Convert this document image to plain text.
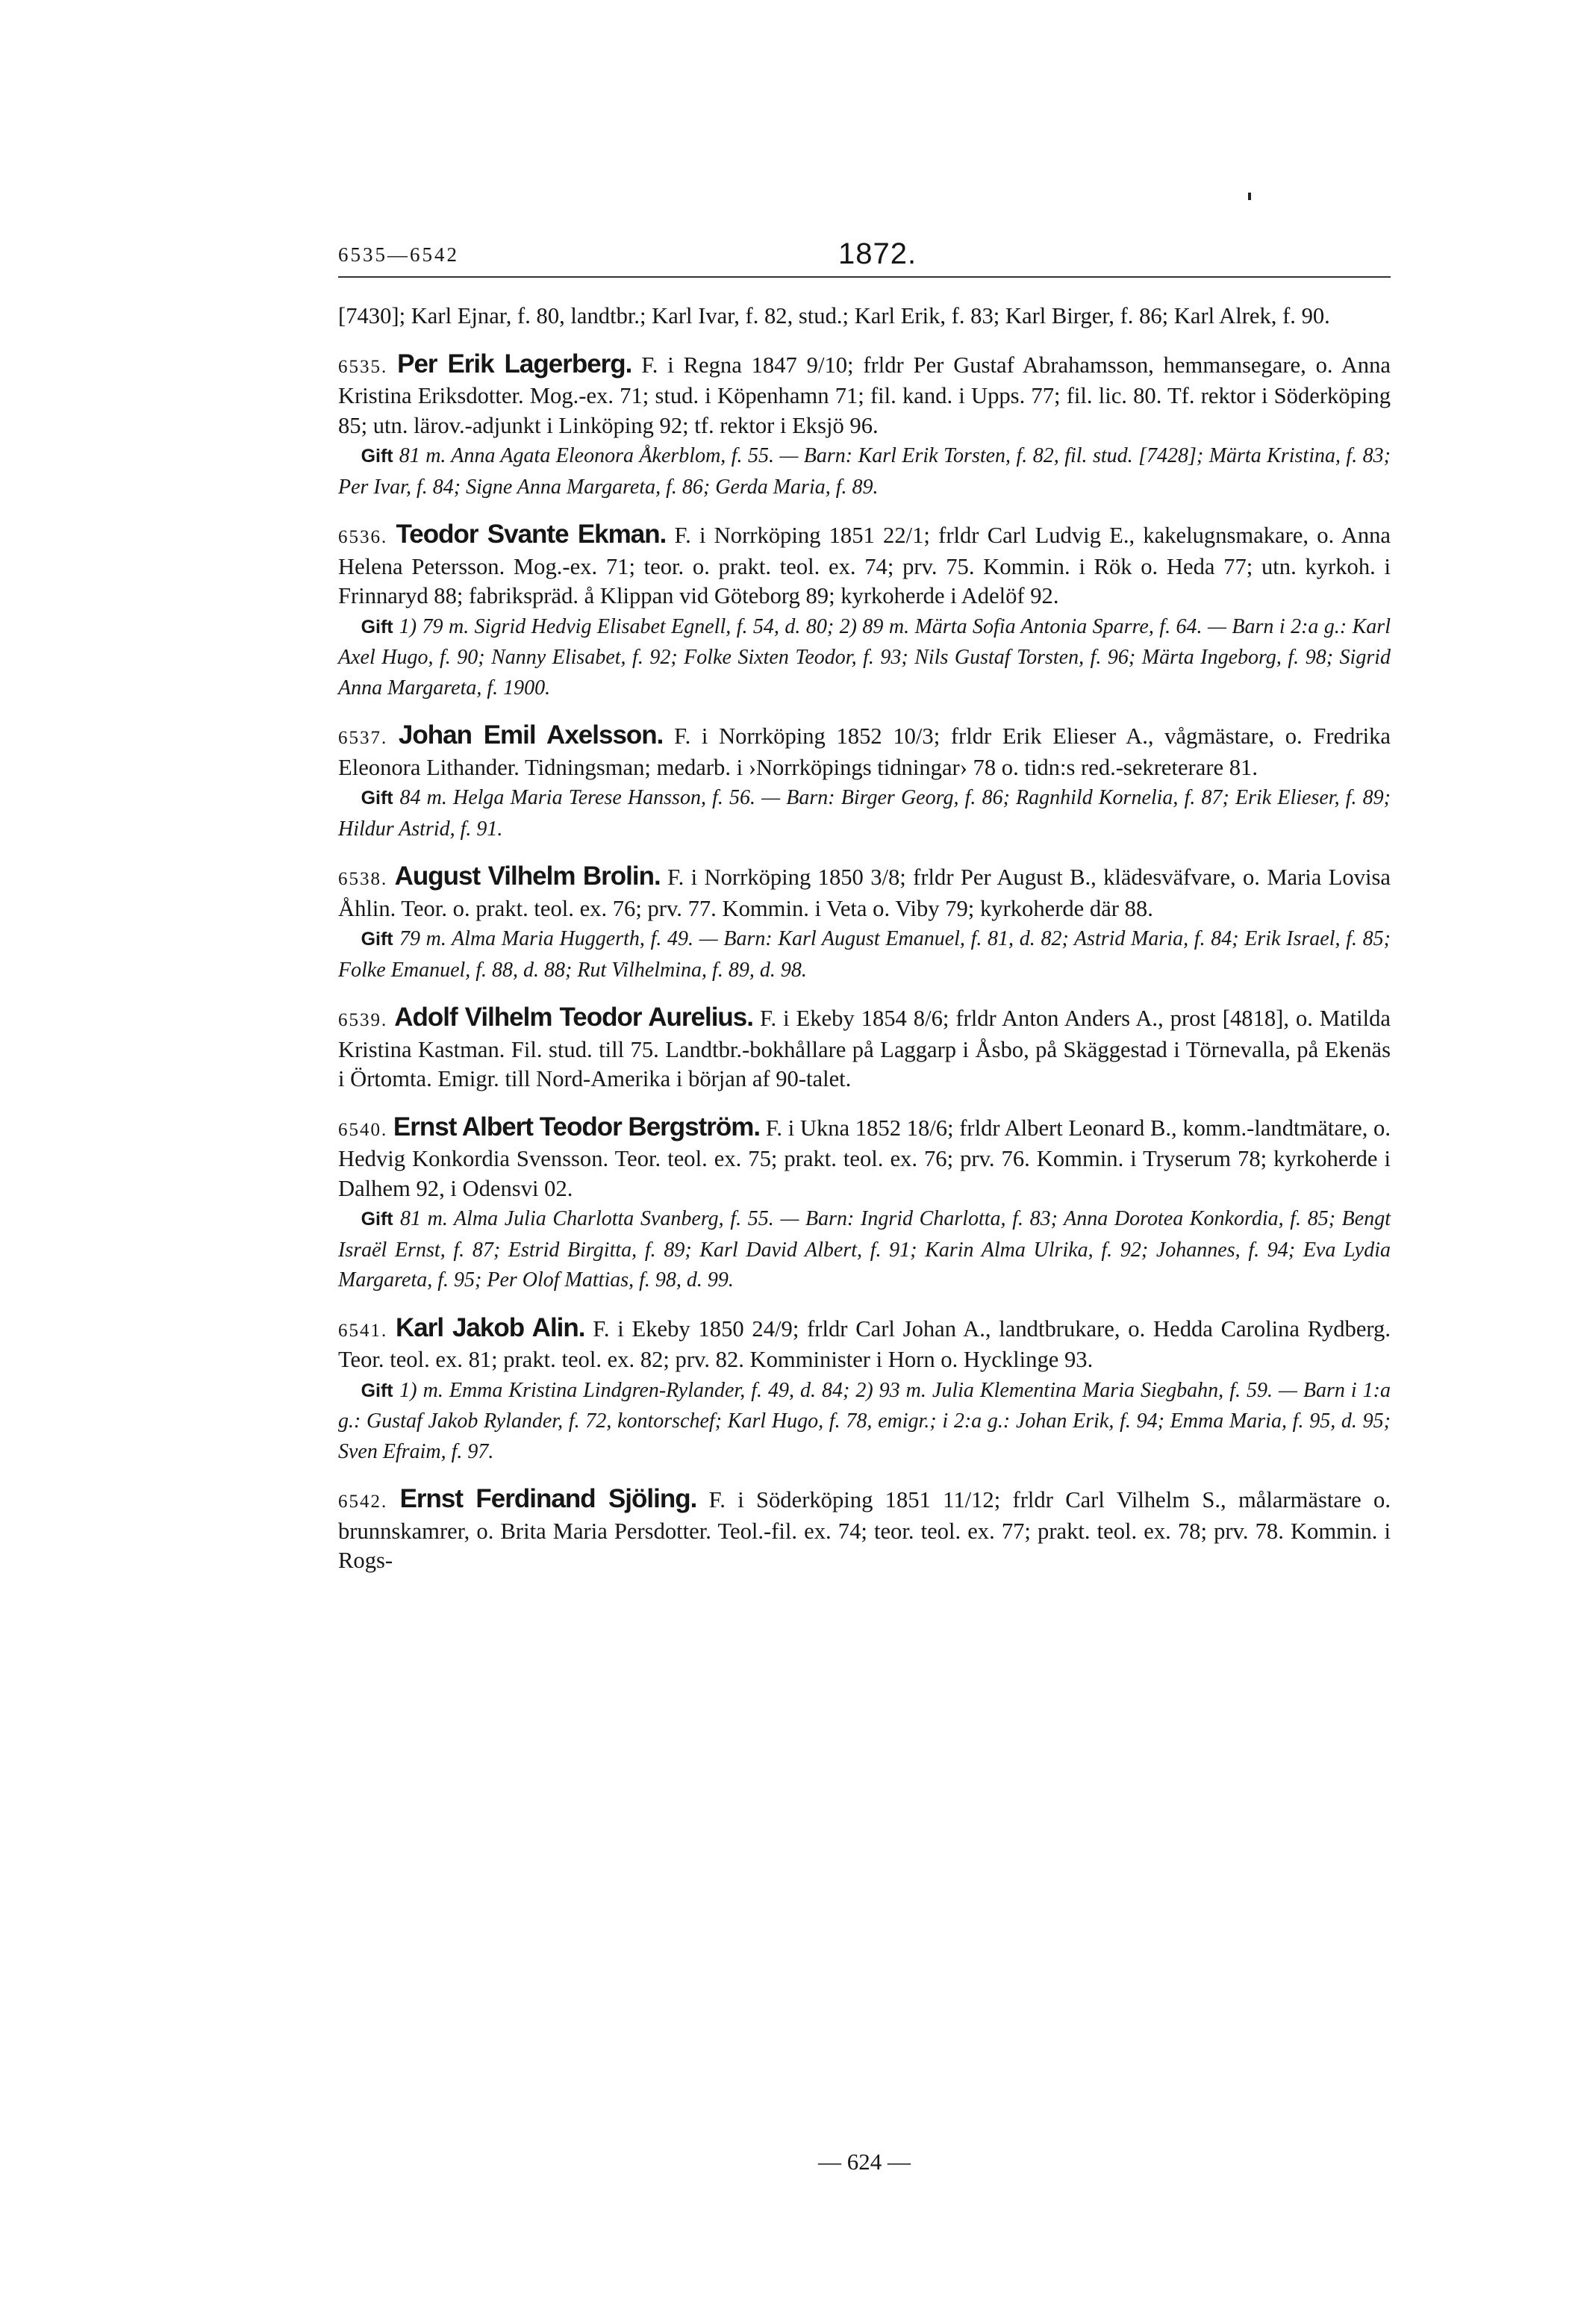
6535—6542	1872.

[7430]; Karl Ejnar, f. 80, landtbr.; Karl Ivar, f. 82, stud.; Karl Erik, f. 83; Karl Birger, f. 86; Karl Alrek, f. 90.

6535. Per Erik Lagerberg. F. i Regna 1847 9/10; frldr Per Gustaf Abrahamsson, hemmansegare, o. Anna Kristina Eriksdotter. Mog.-ex. 71; stud. i Köpenhamn 71; fil. kand. i Upps. 77; fil. lic. 80. Tf. rektor i Söderköping 85; utn. lärov.-adjunkt i Linköping 92; tf. rektor i Eksjö 96.

 Gift 81 m. Anna Agata Eleonora Åkerblom, f. 55. — Barn: Karl Erik Torsten, f. 82, fil. stud. [7428]; Märta Kristina, f. 83; Per Ivar, f. 84; Signe Anna Margareta, f. 86; Gerda Maria, f. 89.

6536. Teodor Svante Ekman. F. i Norrköping 1851 22/1; frldr Carl Ludvig E., kakelugnsmakare, o. Anna Helena Petersson. Mog.-ex. 71; teor. o. prakt. teol. ex. 74; prv. 75. Kommin. i Rök o. Heda 77; utn. kyrkoh. i Frinnaryd 88; fabrikspräd. å Klippan vid Göteborg 89; kyrkoherde i Adelöf 92.

 Gift 1) 79 m. Sigrid Hedvig Elisabet Egnell, f. 54, d. 80; 2) 89 m. Märta Sofia Antonia Sparre, f. 64. — Barn i 2:a g.: Karl Axel Hugo, f. 90; Nanny Elisabet, f. 92; Folke Sixten Teodor, f. 93; Nils Gustaf Torsten, f. 96; Märta Ingeborg, f. 98; Sigrid Anna Margareta, f. 1900.

6537. Johan Emil Axelsson. F. i Norrköping 1852 10/3; frldr Erik Elieser A., vågmästare, o. Fredrika Eleonora Lithander. Tidningsman; medarb. i ›Norrköpings tidningar› 78 o. tidn:s red.-sekreterare 81.

 Gift 84 m. Helga Maria Terese Hansson, f. 56. — Barn: Birger Georg, f. 86; Ragnhild Kornelia, f. 87; Erik Elieser, f. 89; Hildur Astrid, f. 91.

6538. August Vilhelm Brolin. F. i Norrköping 1850 3/8; frldr Per August B., klädesväfvare, o. Maria Lovisa Åhlin. Teor. o. prakt. teol. ex. 76; prv. 77. Kommin. i Veta o. Viby 79; kyrkoherde där 88.

 Gift 79 m. Alma Maria Huggerth, f. 49. — Barn: Karl August Emanuel, f. 81, d. 82; Astrid Maria, f. 84; Erik Israel, f. 85; Folke Emanuel, f. 88, d. 88; Rut Vilhelmina, f. 89, d. 98.

6539. Adolf Vilhelm Teodor Aurelius. F. i Ekeby 1854 8/6; frldr Anton Anders A., prost [4818], o. Matilda Kristina Kastman. Fil. stud. till 75. Landtbr.-bokhållare på Laggarp i Åsbo, på Skäggestad i Törnevalla, på Ekenäs i Örtomta. Emigr. till Nord-Amerika i början af 90-talet.

6540. Ernst Albert Teodor Bergström. F. i Ukna 1852 18/6; frldr Albert Leonard B., komm.-landtmätare, o. Hedvig Konkordia Svensson. Teor. teol. ex. 75; prakt. teol. ex. 76; prv. 76. Kommin. i Tryserum 78; kyrkoherde i Dalhem 92, i Odensvi 02.

 Gift 81 m. Alma Julia Charlotta Svanberg, f. 55. — Barn: Ingrid Charlotta, f. 83; Anna Dorotea Konkordia, f. 85; Bengt Israël Ernst, f. 87; Estrid Birgitta, f. 89; Karl David Albert, f. 91; Karin Alma Ulrika, f. 92; Johannes, f. 94; Eva Lydia Margareta, f. 95; Per Olof Mattias, f. 98, d. 99.

6541. Karl Jakob Alin. F. i Ekeby 1850 24/9; frldr Carl Johan A., landtbrukare, o. Hedda Carolina Rydberg. Teor. teol. ex. 81; prakt. teol. ex. 82; prv. 82. Komminister i Horn o. Hycklinge 93.

 Gift 1) m. Emma Kristina Lindgren-Rylander, f. 49, d. 84; 2) 93 m. Julia Klementina Maria Siegbahn, f. 59. — Barn i 1:a g.: Gustaf Jakob Rylander, f. 72, kontorschef; Karl Hugo, f. 78, emigr.; i 2:a g.: Johan Erik, f. 94; Emma Maria, f. 95, d. 95; Sven Efraim, f. 97.

6542. Ernst Ferdinand Sjöling. F. i Söderköping 1851 11/12; frldr Carl Vilhelm S., målarmästare o. brunnskamrer, o. Brita Maria Persdotter. Teol.-fil. ex. 74; teor. teol. ex. 77; prakt. teol. ex. 78; prv. 78. Kommin. i Rogs-

— 624 —
